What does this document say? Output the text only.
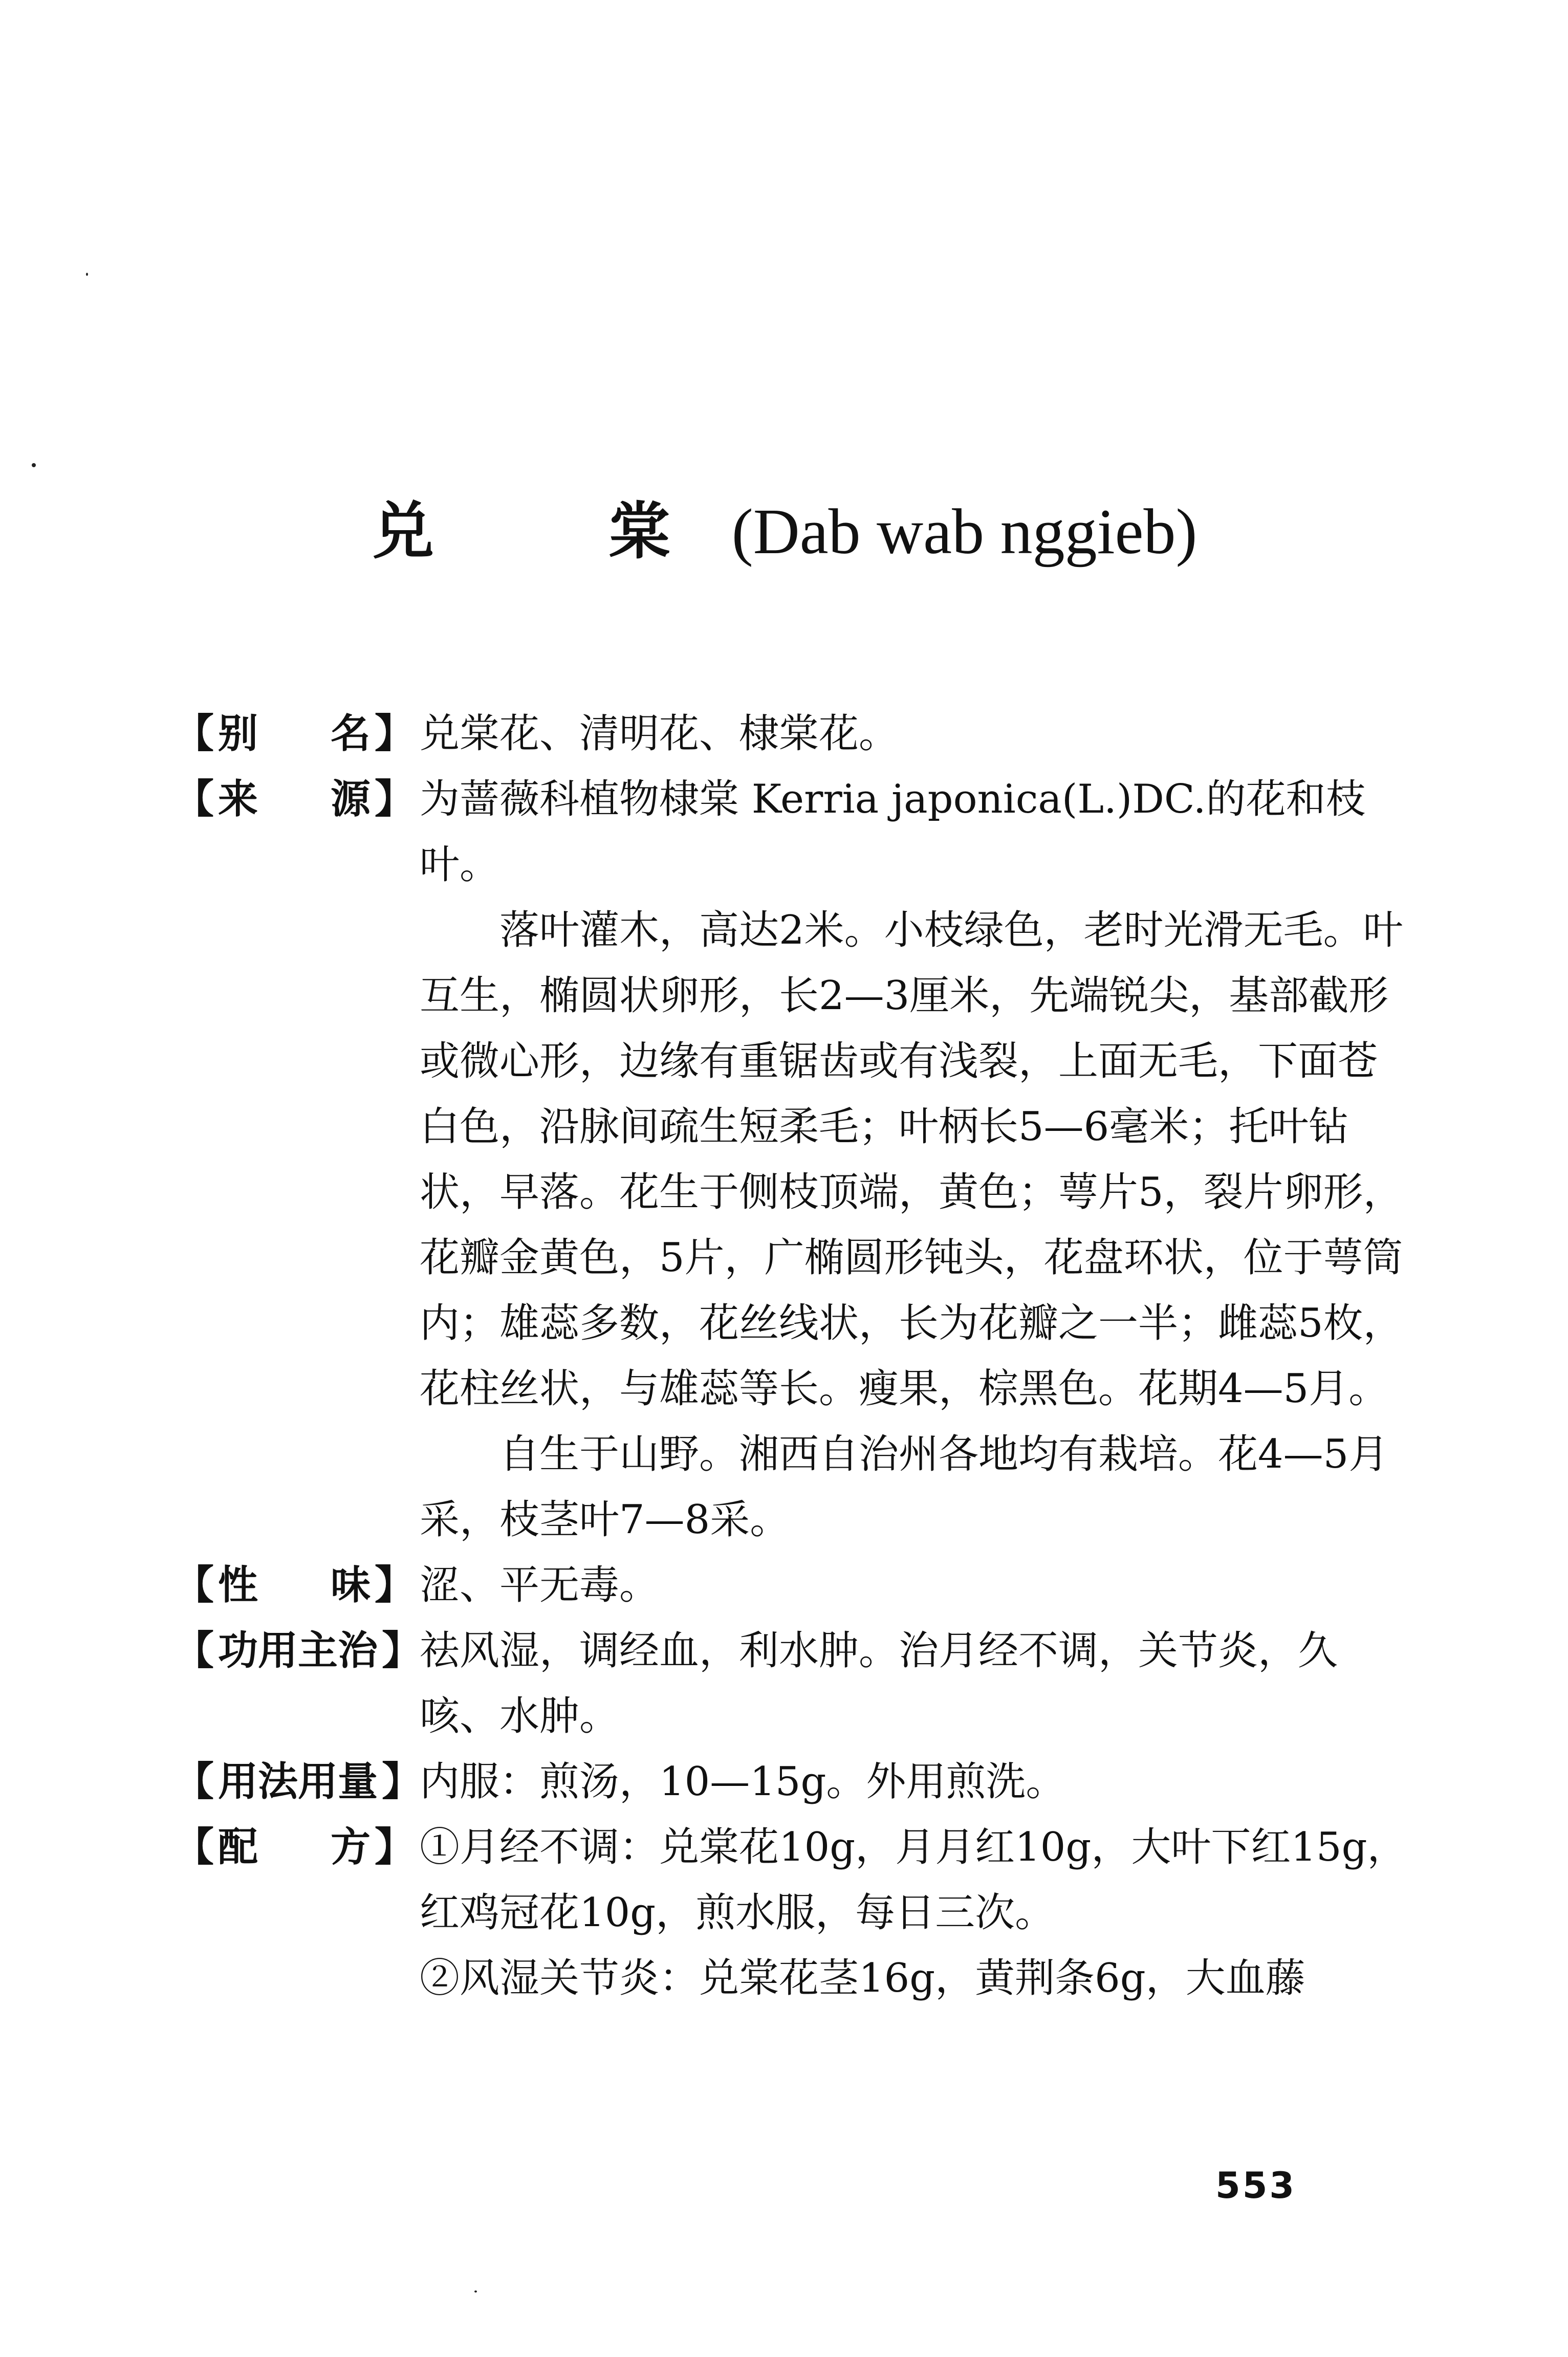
兑 棠
(Dab wab nggieb)
【 别 名 】 兑棠花、清明花、棣棠花。

【 来 源 】 为蔷薇科植物棣棠 Kerria japonica(L.)DC.的花和枝叶。

落叶灌木，高达2米。小枝绿色，老时光滑无毛。叶互生，椭圆状卵形，长2—3厘米，先端锐尖，基部截形或微心形，边缘有重锯齿或有浅裂，上面无毛，下面苍白色，沿脉间疏生短柔毛；叶柄长5—6毫米；托叶钻状，早落。花生于侧枝顶端，黄色；萼片5，裂片卵形，花瓣金黄色，5片，广椭圆形钝头，花盘环状，位于萼筒内；雄蕊多数，花丝线状，长为花瓣之一半；雌蕊5枚，花柱丝状，与雄蕊等长。瘦果，棕黑色。花期4—5月。

自生于山野。湘西自治州各地均有栽培。花4—5月采，枝茎叶7—8采。

【 性 味 】 涩、平无毒。

【 功 用 主 治 】

祛风湿，调经血，利水肿。治月经不调，关节炎，久咳、水肿。

【 用 法 用 量 】

内服：煎汤，10—15g。外用煎洗。

【 配 方 】 ①月经不调：兑棠花10g，月月红10g，大叶下红15g，红鸡冠花10g，煎水服，每日三次。

②风湿关节炎：兑棠花茎16g，黄荆条6g，大血藤

553
